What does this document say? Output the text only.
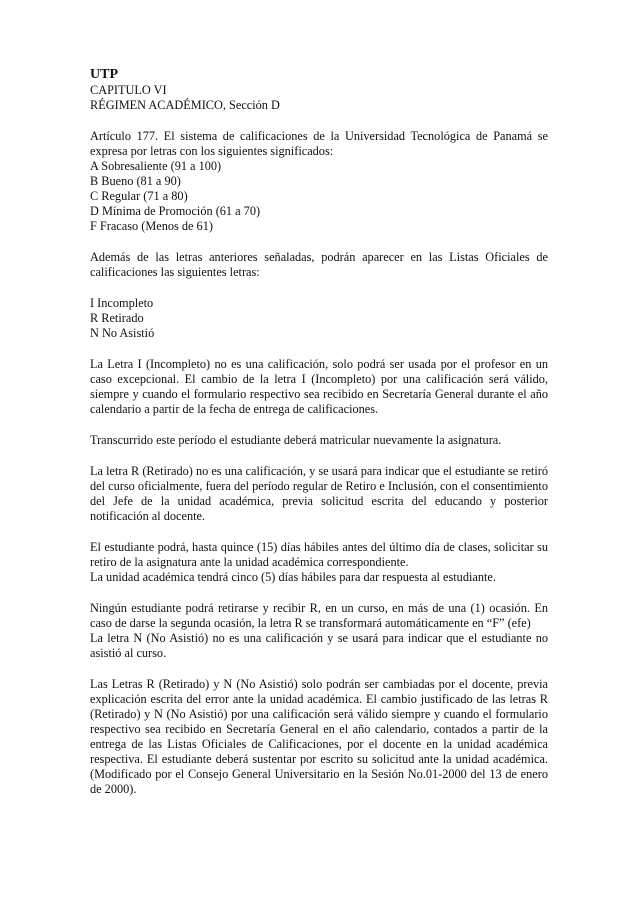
UTP

CAPITULO VI
RÉGIMEN ACADÉMICO, Sección D

Artículo 177. El sistema de calificaciones de la Universidad Tecnológica de Panamá se expresa por letras con los siguientes significados:

A Sobresaliente (91 a 100)
B Bueno (81 a 90)
C Regular (71 a 80)
D Mínima de Promoción (61 a 70)
F Fracaso (Menos de 61)

Además de las letras anteriores señaladas, podrán aparecer en las Listas Oficiales de calificaciones las siguientes letras:

I Incompleto
R Retirado
N No Asistió

La Letra I (Incompleto) no es una calificación, solo podrá ser usada por el profesor en un caso excepcional. El cambio de la letra I (Incompleto) por una calificación será válido, siempre y cuando el formulario respectivo sea recibido en Secretaría General durante el año calendario a partir de la fecha de entrega de calificaciones.

Transcurrido este período el estudiante deberá matricular nuevamente la asignatura.

La letra R (Retirado) no es una calificación, y se usará para indicar que el estudiante se retiró del curso oficialmente, fuera del período regular de Retiro e Inclusión, con el consentimiento del Jefe de la unidad académica, previa solicitud escrita del educando y posterior notificación al docente.

El estudiante podrá, hasta quince (15) días hábiles antes del último día de clases, solicitar su retiro de la asignatura ante la unidad académica correspondiente.

La unidad académica tendrá cinco (5) días hábiles para dar respuesta al estudiante.

Ningún estudiante podrá retirarse y recibir R, en un curso, en más de una (1) ocasión. En caso de darse la segunda ocasión, la letra R se transformará automáticamente en “F” (efe)

La letra N (No Asistió) no es una calificación y se usará para indicar que el estudiante no asistió al curso.

Las Letras R (Retirado) y N (No Asistió) solo podrán ser cambiadas por el docente, previa explicación escrita del error ante la unidad académica. El cambio justificado de las letras R (Retirado) y N (No Asistió) por una calificación será válido siempre y cuando el formulario respectivo sea recibido en Secretaría General en el año calendario, contados a partir de la entrega de las Listas Oficiales de Calificaciones, por el docente en la unidad académica respectiva. El estudiante deberá sustentar por escrito su solicitud ante la unidad académica. (Modificado por el Consejo General Universitario en la Sesión No.01-2000 del 13 de enero de 2000).
